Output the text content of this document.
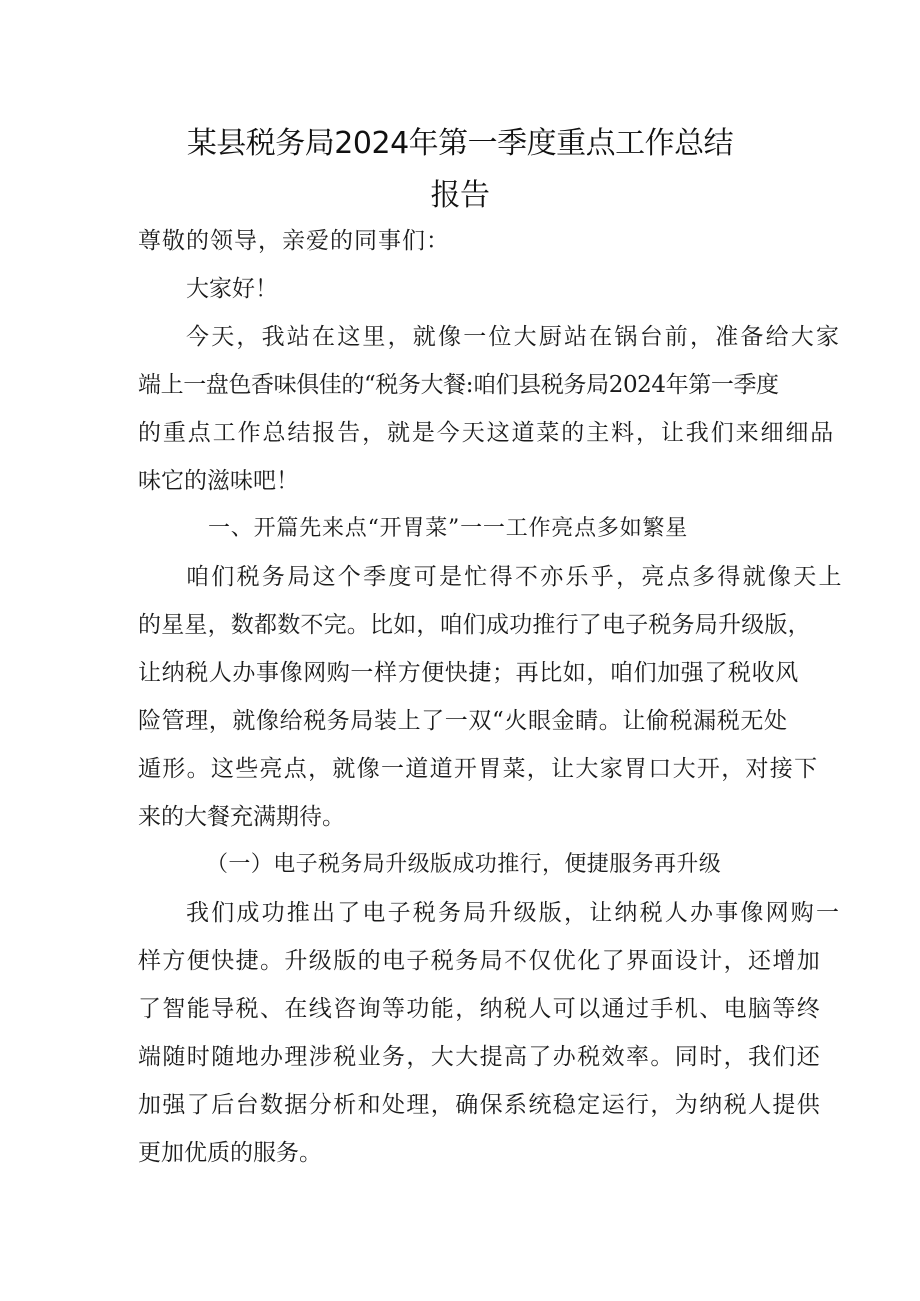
某县税务局2024年第一季度重点工作总结
报告
尊敬的领导，亲爱的同事们：
大家好！
今天，我站在这里，就像一位大厨站在锅台前，准备给大家
端上一盘色香味俱佳的“税务大餐:咱们县税务局2024年第一季度
的重点工作总结报告，就是今天这道菜的主料，让我们来细细品
味它的滋味吧！
一、开篇先来点“开胃菜”一一工作亮点多如繁星
咱们税务局这个季度可是忙得不亦乐乎，亮点多得就像天上
的星星，数都数不完。比如，咱们成功推行了电子税务局升级版，
让纳税人办事像网购一样方便快捷；再比如，咱们加强了税收风
险管理，就像给税务局装上了一双“火眼金睛。让偷税漏税无处
遁形。这些亮点，就像一道道开胃菜，让大家胃口大开，对接下
来的大餐充满期待。
（一）电子税务局升级版成功推行，便捷服务再升级
我们成功推出了电子税务局升级版，让纳税人办事像网购一
样方便快捷。升级版的电子税务局不仅优化了界面设计，还增加
了智能导税、在线咨询等功能，纳税人可以通过手机、电脑等终
端随时随地办理涉税业务，大大提高了办税效率。同时，我们还
加强了后台数据分析和处理，确保系统稳定运行，为纳税人提供
更加优质的服务。
